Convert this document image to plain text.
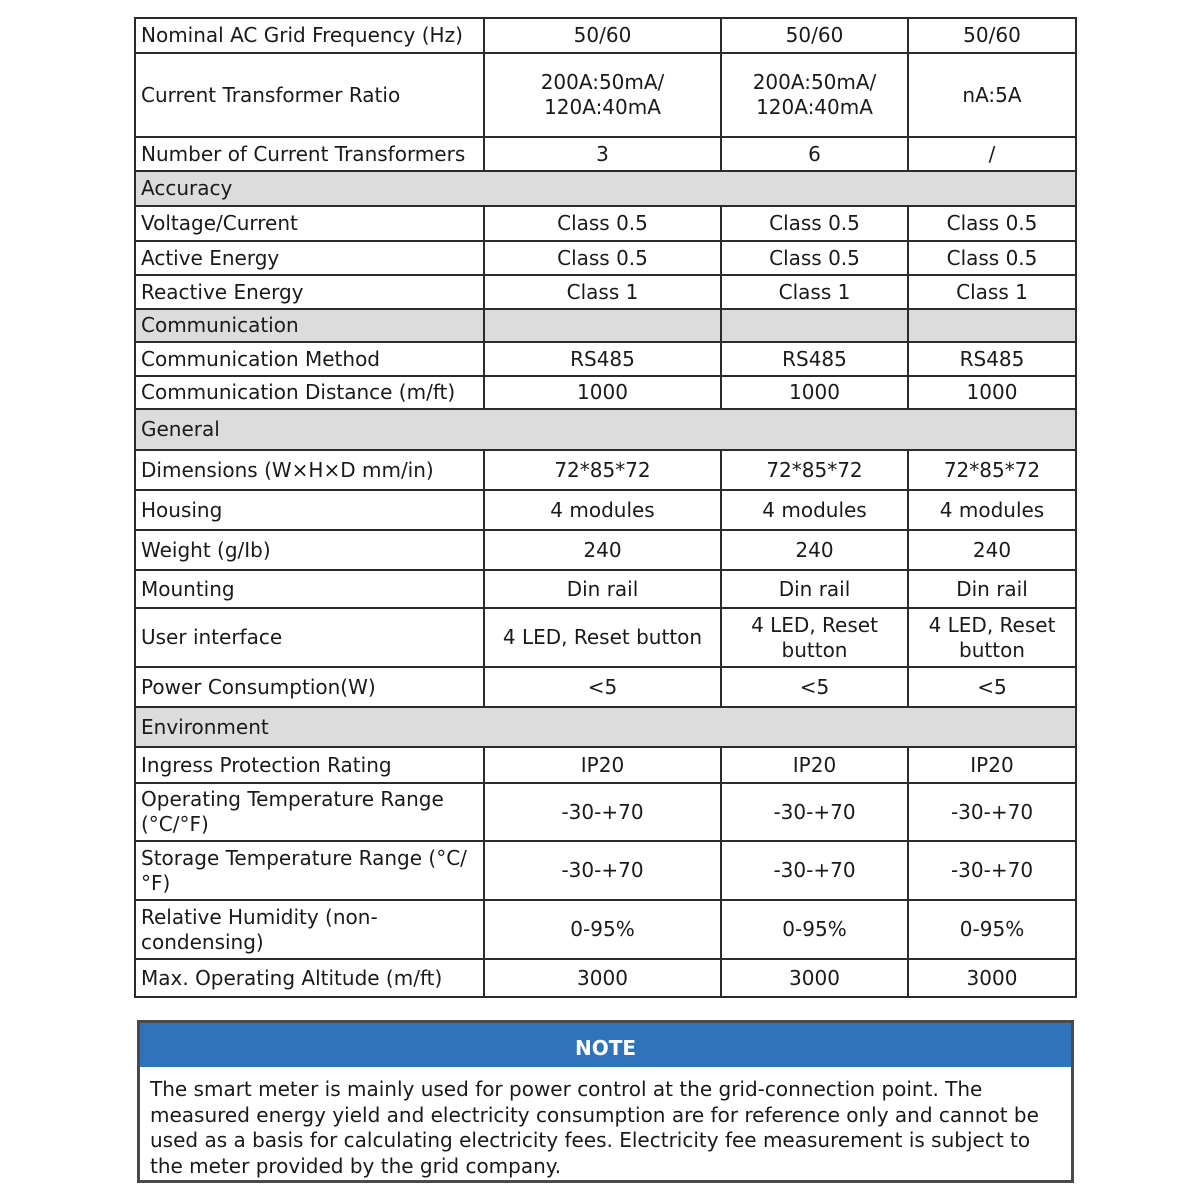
Nominal AC Grid Frequency (Hz)	50/60	50/60	50/60
Current Transformer Ratio	200A:50mA/ 120A:40mA	200A:50mA/ 120A:40mA	nA:5A
Number of Current Transformers	3	6	/
Accuracy			
Voltage/Current	Class 0.5	Class 0.5	Class 0.5
Active Energy	Class 0.5	Class 0.5	Class 0.5
Reactive Energy	Class 1	Class 1	Class 1
Communication			
Communication Method	RS485	RS485	RS485
Communication Distance (m/ft)	1000	1000	1000
General			
Dimensions (W×H×D mm/in)	72*85*72	72*85*72	72*85*72
Housing	4 modules	4 modules	4 modules
Weight (g/Ib)	240	240	240
Mounting	Din rail	Din rail	Din rail
User interface	4 LED, Reset button	4 LED, Reset button	4 LED, Reset button
Power Consumption(W)	<5	<5	<5
Environment			
Ingress Protection Rating	IP20	IP20	IP20
Operating Temperature Range (°C/°F)	-30-+70	-30-+70	-30-+70
Storage Temperature Range (°C/°F)	-30-+70	-30-+70	-30-+70
Relative Humidity (non-condensing)	0-95%	0-95%	0-95%
Max. Operating Altitude (m/ft)	3000	3000	3000
NOTE
The smart meter is mainly used for power control at the grid-connection point. The measured energy yield and electricity consumption are for reference only and cannot be used as a basis for calculating electricity fees. Electricity fee measurement is subject to the meter provided by the grid company.
